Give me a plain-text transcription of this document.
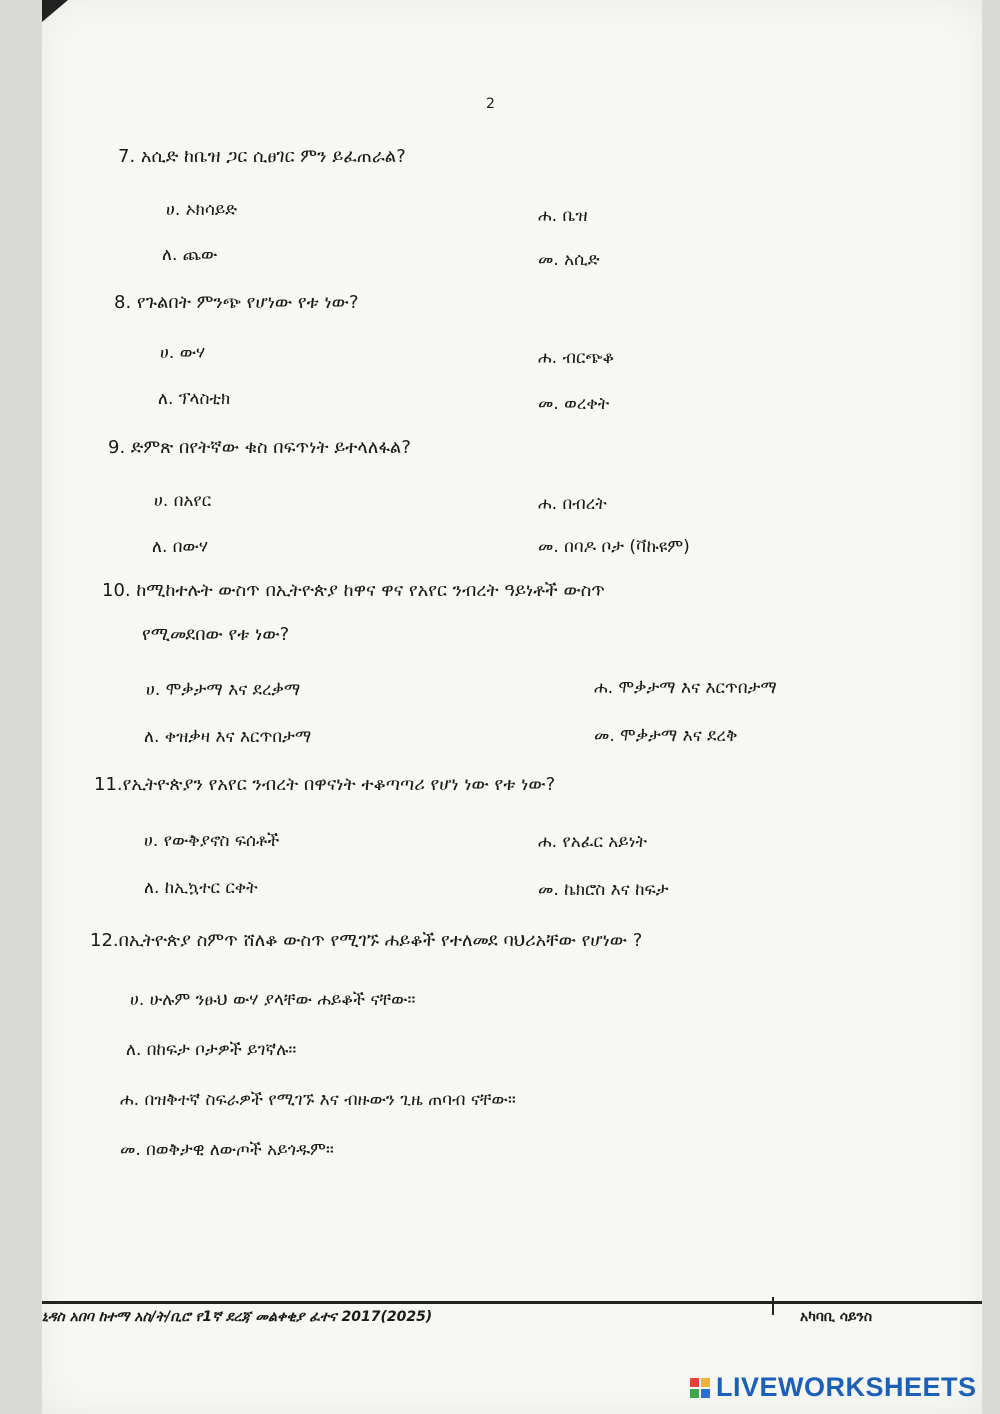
2
7. አሲድ ከቤዝ ጋር ሲፀገር ምን ይፈጠራል?
ሀ. ኦክሳይድ	ሐ. ቤዝ
ለ. ጨው	መ. አሲድ
8. የጉልበት ምንጭ የሆነው የቱ ነው?
ሀ. ውሃ	ሐ. ብርጭቆ
ለ. ፕላስቲክ	መ. ወረቀት
9. ድምጽ በየትኛው ቁስ በፍጥነት ይተላለፋል?
ሀ. በአየር	ሐ. በብረት
ለ. በውሃ	መ. በባዶ ቦታ (ቫኩዩም)
10. ከሚከተሉት ውስጥ በኢትዮጵያ ከዋና ዋና የአየር ንብረት ዓይነቶች ውስጥ
የሚመደበው የቱ ነው?
ሀ. ሞቃታማ እና ደረቃማ	ሐ. ሞቃታማ እና እርጥበታማ
ለ. ቀዝቃዛ እና እርጥበታማ	መ. ሞቃታማ እና ደረቅ
11.የኢትዮጵያን የአየር ንብረት በዋናነት ተቆጣጣሪ የሆነ ነው የቱ ነው?
ሀ. የውቅያኖስ ፍሰቶች	ሐ. የአፈር አይነት
ለ. ከኢኳተር ርቀት	መ. ኬክሮስ እና ከፍታ
12.በኢትዮጵያ ስምጥ ሸለቆ ውስጥ የሚገኙ ሐይቆች የተለመደ ባህሪአቸው የሆነው ?
ሀ. ሁሉም ንፁህ ውሃ ያላቸው ሐይቆች ናቸው።
ለ. በከፍታ ቦታዎች ይገኛሉ።
ሐ. በዝቅተኛ ስፍራዎች የሚገኙ እና ብዙውን ጊዜ ጠባብ ናቸው።
መ. በወቅታዊ ለውጦች አይጎዱም።
ኒዳስ አበባ ከተማ አስ/ት/ቢሮ የ1ኛ ደረጃ መልቀቂያ ፈተና 2017(2025)	አካባቢ ሳይንስ
LIVEWORKSHEETS
